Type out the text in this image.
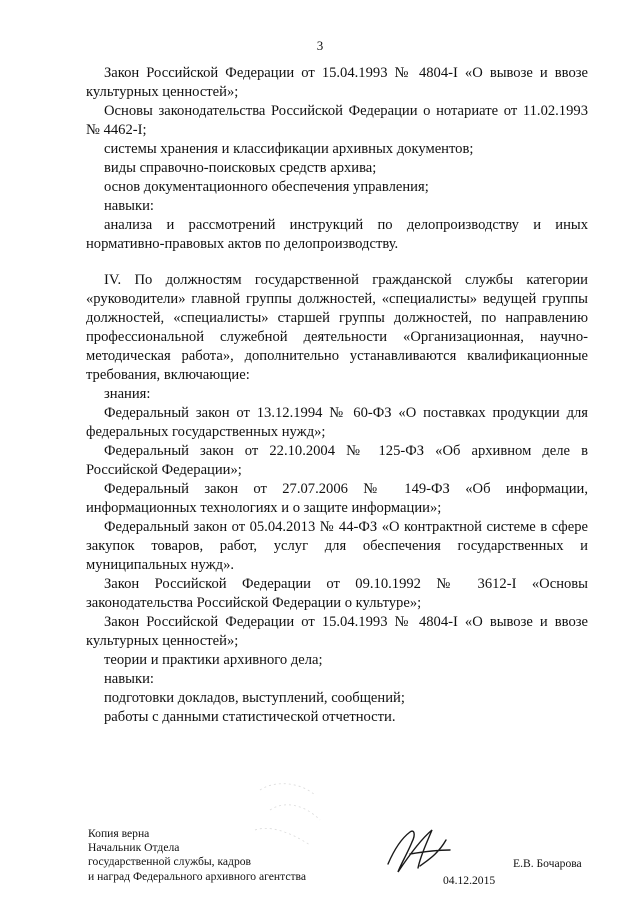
3

Закон Российской Федерации от 15.04.1993 № 4804-I «О вывозе и ввозе культурных ценностей»;

Основы законодательства Российской Федерации о нотариате от 11.02.1993 № 4462-I;

системы хранения и классификации архивных документов;

виды справочно-поисковых средств архива;

основ документационного обеспечения управления;

навыки:

анализа и рассмотрений инструкций по делопроизводству и иных нормативно-правовых актов по делопроизводству.

IV. По должностям государственной гражданской службы категории «руководители» главной группы должностей, «специалисты» ведущей группы должностей, «специалисты» старшей группы должностей, по направлению профессиональной служебной деятельности «Организационная, научно-методическая работа», дополнительно устанавливаются квалификационные требования, включающие:

знания:

Федеральный закон от 13.12.1994 № 60-ФЗ «О поставках продукции для федеральных государственных нужд»;

Федеральный закон от 22.10.2004 № 125-ФЗ «Об архивном деле в Российской Федерации»;

Федеральный закон от 27.07.2006 № 149-ФЗ «Об информации, информационных технологиях и о защите информации»;

Федеральный закон от 05.04.2013 № 44-ФЗ «О контрактной системе в сфере закупок товаров, работ, услуг для обеспечения государственных и муниципальных нужд».

Закон Российской Федерации от 09.10.1992 № 3612-I «Основы законодательства Российской Федерации о культуре»;

Закон Российской Федерации от 15.04.1993 № 4804-I «О вывозе и ввозе культурных ценностей»;

теории и практики архивного дела;

навыки:

подготовки докладов, выступлений, сообщений;

работы с данными статистической отчетности.

Копия верна
Начальник Отдела
государственной службы, кадров
и наград Федерального архивного агентства	04.12.2015
Е.В. Бочарова
